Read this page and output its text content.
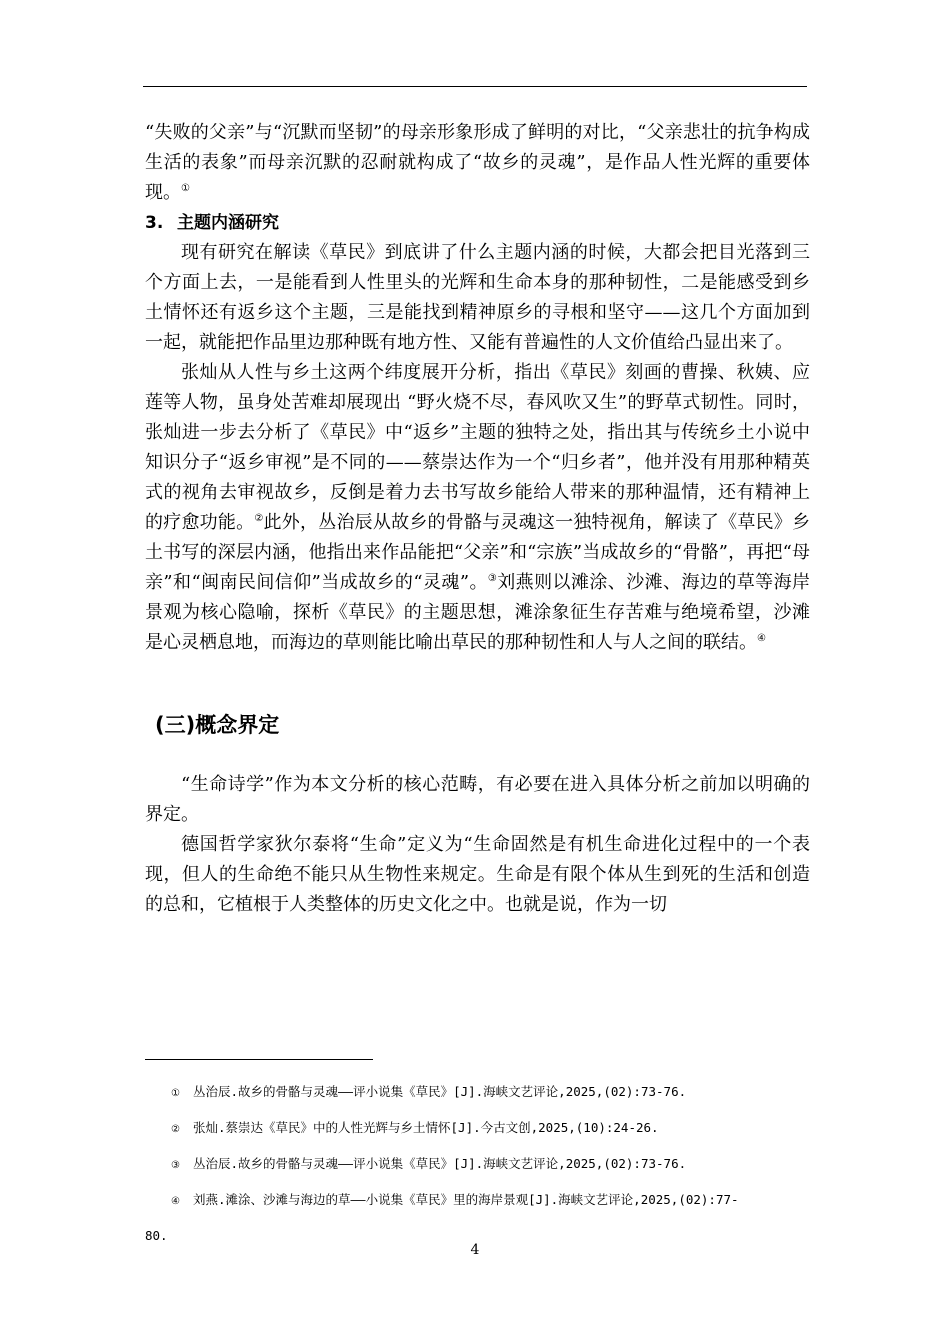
“失败的父亲”与“沉默而坚韧”的母亲形象形成了鲜明的对比，“父亲悲壮的抗争构成生活的表象”而母亲沉默的忍耐就构成了“故乡的灵魂”，是作品人性光辉的重要体现。①

3. 主题内涵研究

现有研究在解读《草民》到底讲了什么主题内涵的时候，大都会把目光落到三个方面上去，一是能看到人性里头的光辉和生命本身的那种韧性，二是能感受到乡土情怀还有返乡这个主题，三是能找到精神原乡的寻根和坚守——这几个方面加到一起，就能把作品里边那种既有地方性、又能有普遍性的人文价值给凸显出来了。

张灿从人性与乡土这两个纬度展开分析，指出《草民》刻画的曹操、秋姨、应莲等人物，虽身处苦难却展现出 “野火烧不尽，春风吹又生”的野草式韧性。同时，张灿进一步去分析了《草民》中“返乡”主题的独特之处，指出其与传统乡土小说中知识分子“返乡审视”是不同的——蔡崇达作为一个“归乡者”，他并没有用那种精英式的视角去审视故乡，反倒是着力去书写故乡能给人带来的那种温情，还有精神上的疗愈功能。②此外，丛治辰从故乡的骨骼与灵魂这一独特视角，解读了《草民》乡土书写的深层内涵，他指出来作品能把“父亲”和“宗族”当成故乡的“骨骼”，再把“母亲”和“闽南民间信仰”当成故乡的“灵魂”。③刘燕则以滩涂、沙滩、海边的草等海岸景观为核心隐喻，探析《草民》的主题思想，滩涂象征生存苦难与绝境希望，沙滩是心灵栖息地，而海边的草则能比喻出草民的那种韧性和人与人之间的联结。④

(三)概念界定

“生命诗学”作为本文分析的核心范畴，有必要在进入具体分析之前加以明确的界定。

德国哲学家狄尔泰将“生命”定义为“生命固然是有机生命进化过程中的一个表现，但人的生命绝不能只从生物性来规定。生命是有限个体从生到死的生活和创造的总和，它植根于人类整体的历史文化之中。也就是说，作为一切

① 丛治辰.故乡的骨骼与灵魂——评小说集《草民》[J].海峡文艺评论,2025,(02):73-76.

② 张灿.蔡崇达《草民》中的人性光辉与乡土情怀[J].今古文创,2025,(10):24-26.

③ 丛治辰.故乡的骨骼与灵魂——评小说集《草民》[J].海峡文艺评论,2025,(02):73-76.

④ 刘燕.滩涂、沙滩与海边的草——小说集《草民》里的海岸景观[J].海峡文艺评论,2025,(02):77-
80.

4
